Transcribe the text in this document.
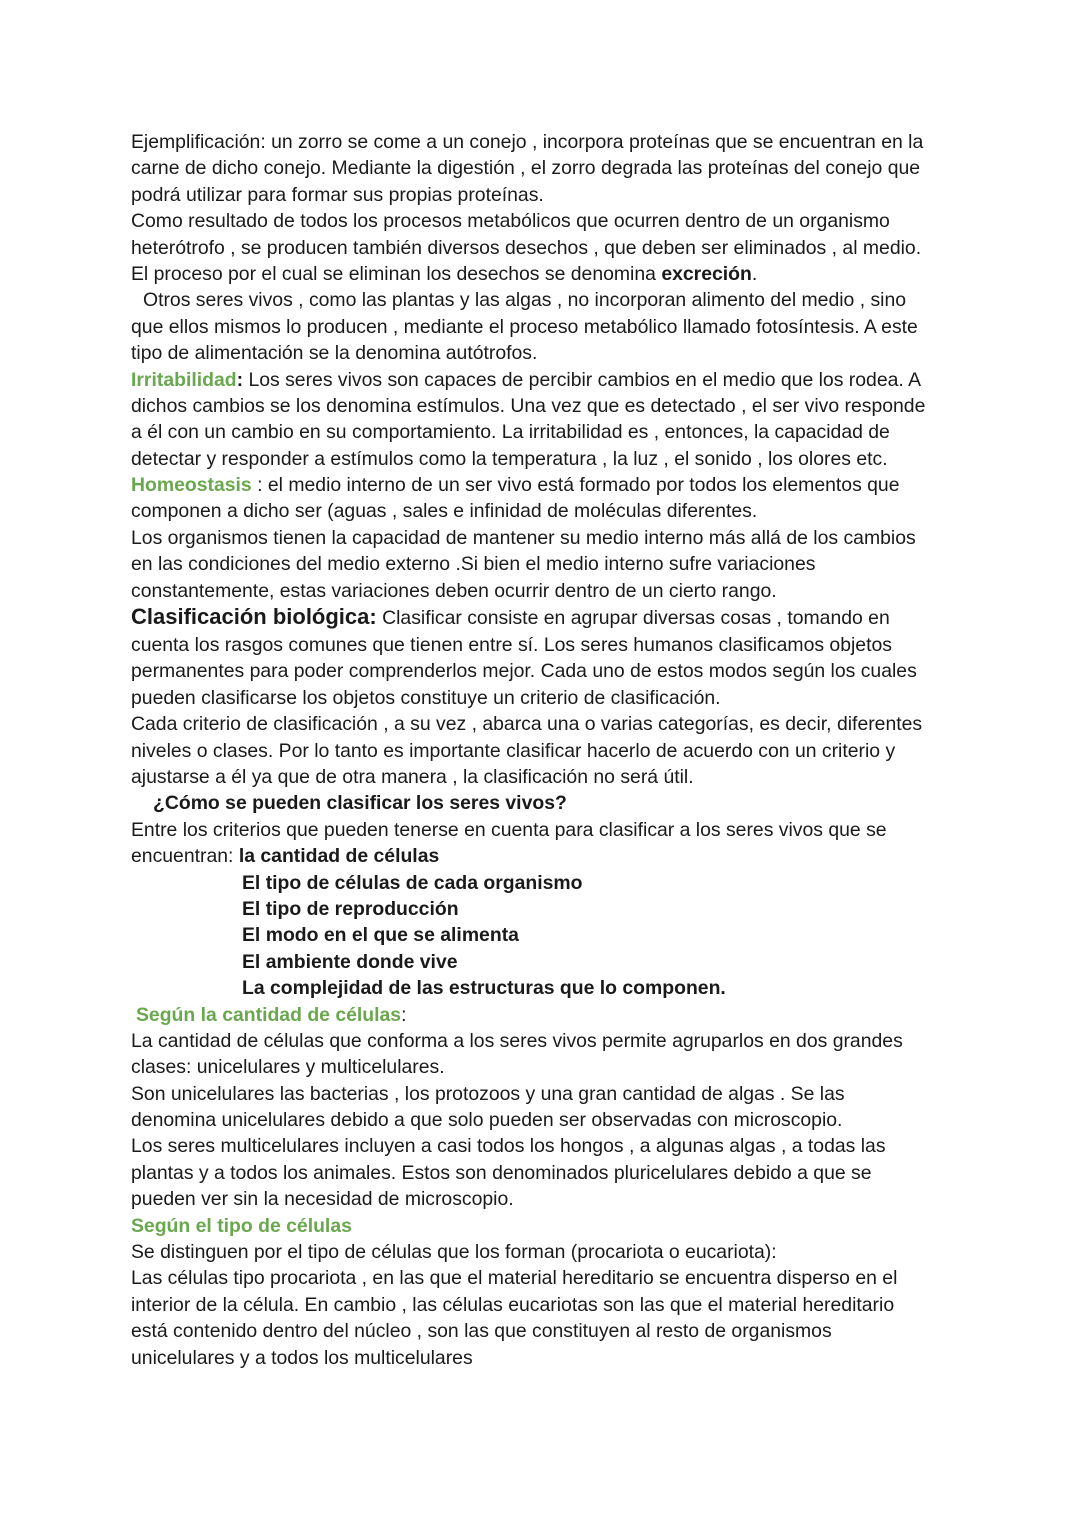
Ejemplificación: un zorro se come a un conejo , incorpora proteínas que se encuentran en la
carne de dicho conejo. Mediante la digestión , el zorro degrada las proteínas del conejo que
podrá utilizar para formar sus propias proteínas.
Como resultado de todos los procesos metabólicos que ocurren dentro de un organismo
heterótrofo , se producen también diversos desechos , que deben ser eliminados , al medio.
El proceso por el cual se eliminan los desechos se denomina excreción.
Otros seres vivos , como las plantas y las algas , no incorporan alimento del medio , sino
que ellos mismos lo producen , mediante el proceso metabólico llamado fotosíntesis. A este
tipo de alimentación se la denomina autótrofos.
Irritabilidad: Los seres vivos son capaces de percibir cambios en el medio que los rodea. A
dichos cambios se los denomina estímulos. Una vez que es detectado , el ser vivo responde
a él con un cambio en su comportamiento. La irritabilidad es , entonces, la capacidad de
detectar y responder a estímulos como la temperatura , la luz , el sonido , los olores etc.
Homeostasis : el medio interno de un ser vivo está formado por todos los elementos que
componen a dicho ser (aguas , sales e infinidad de moléculas diferentes.
Los organismos tienen la capacidad de mantener su medio interno más allá de los cambios
en las condiciones del medio externo .Si bien el medio interno sufre variaciones
constantemente, estas variaciones deben ocurrir dentro de un cierto rango.
Clasificación biológica: Clasificar consiste en agrupar diversas cosas , tomando en
cuenta los rasgos comunes que tienen entre sí. Los seres humanos clasificamos objetos
permanentes para poder comprenderlos mejor. Cada uno de estos modos según los cuales
pueden clasificarse los objetos constituye un criterio de clasificación.
Cada criterio de clasificación , a su vez , abarca una o varias categorías, es decir, diferentes
niveles o clases. Por lo tanto es importante clasificar hacerlo de acuerdo con un criterio y
ajustarse a él ya que de otra manera , la clasificación no será útil.
¿Cómo se pueden clasificar los seres vivos?
Entre los criterios que pueden tenerse en cuenta para clasificar a los seres vivos que se
encuentran: la cantidad de células
El tipo de células de cada organismo
El tipo de reproducción
El modo en el que se alimenta
El ambiente donde vive
La complejidad de las estructuras que lo componen.
Según la cantidad de células:
La cantidad de células que conforma a los seres vivos permite agruparlos en dos grandes
clases: unicelulares y multicelulares.
Son unicelulares las bacterias , los protozoos y una gran cantidad de algas . Se las
denomina unicelulares debido a que solo pueden ser observadas con microscopio.
Los seres multicelulares incluyen a casi todos los hongos , a algunas algas , a todas las
plantas y a todos los animales. Estos son denominados pluricelulares debido a que se
pueden ver sin la necesidad de microscopio.
Según el tipo de células
Se distinguen por el tipo de células que los forman (procariota o eucariota):
Las células tipo procariota , en las que el material hereditario se encuentra disperso en el
interior de la célula. En cambio , las células eucariotas son las que el material hereditario
está contenido dentro del núcleo , son las que constituyen al resto de organismos
unicelulares y a todos los multicelulares
